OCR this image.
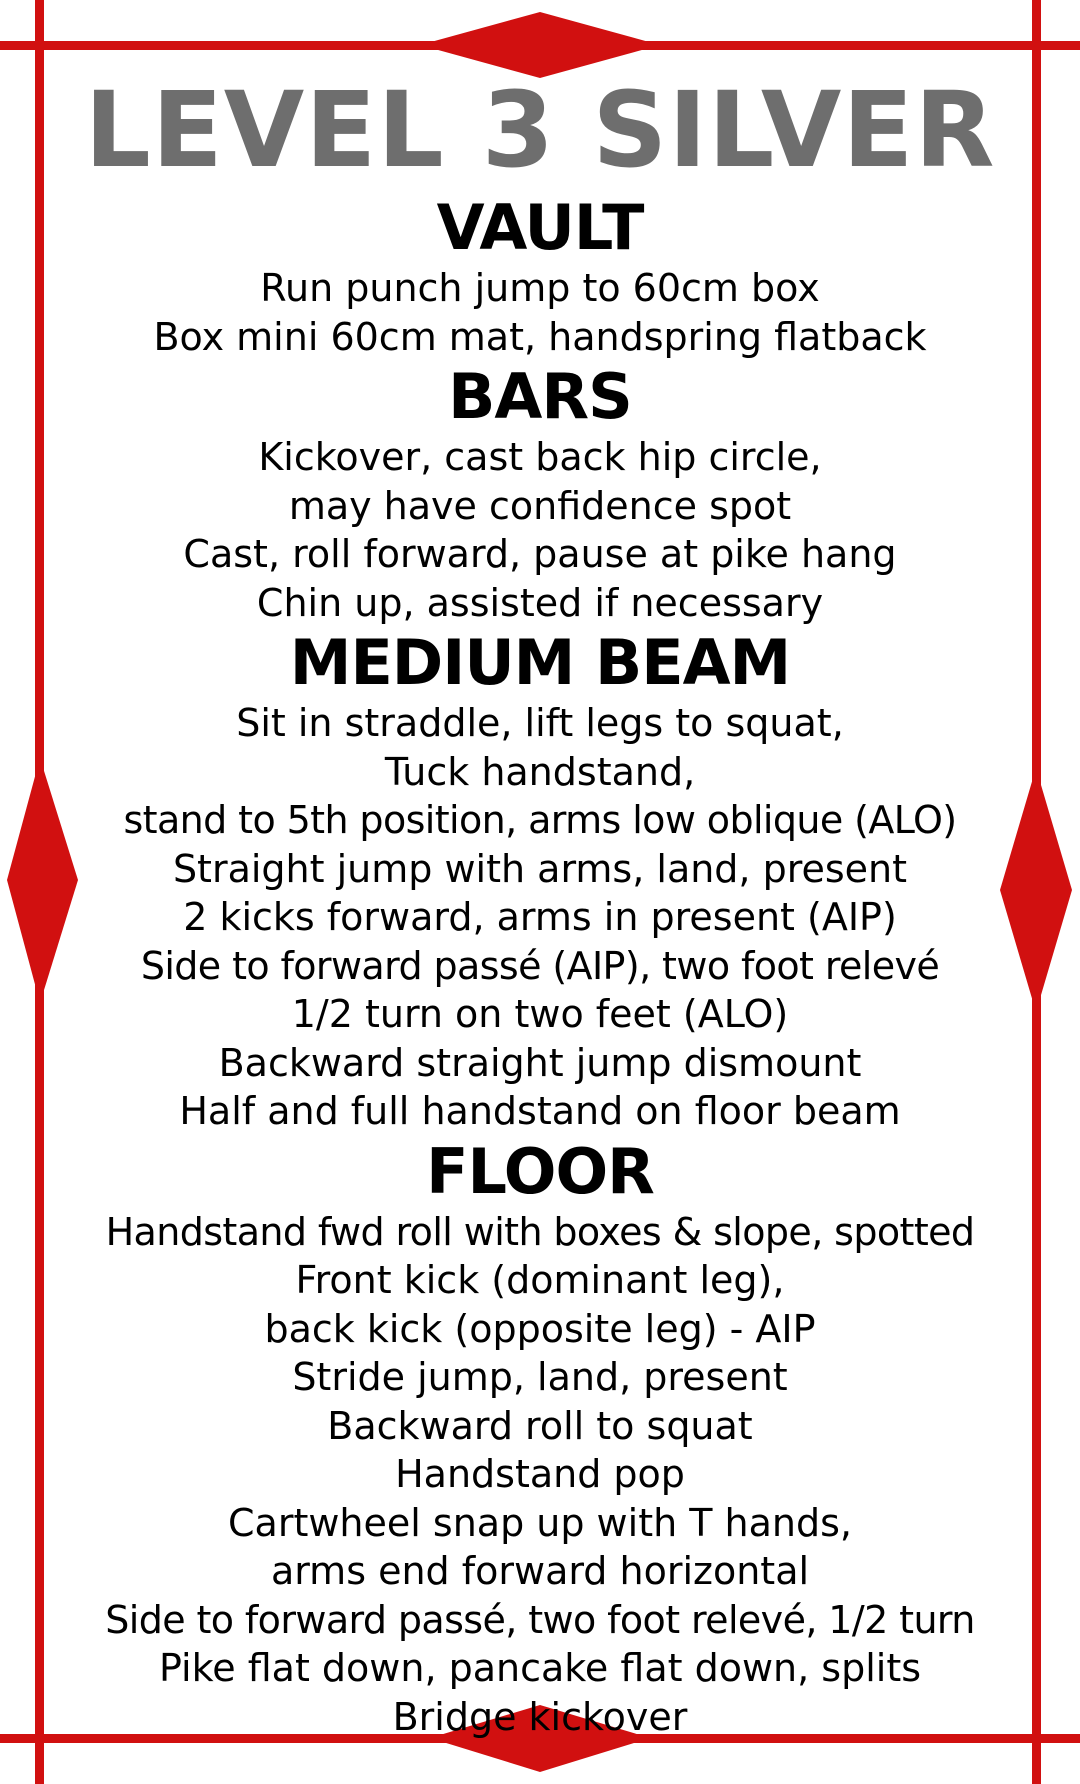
LEVEL 3 SILVER
VAULT

Run punch jump to 60cm box

Box mini 60cm mat, handspring flatback

BARS

Kickover, cast back hip circle,

may have confidence spot

Cast, roll forward, pause at pike hang

Chin up, assisted if necessary

MEDIUM BEAM

Sit in straddle, lift legs to squat,

Tuck handstand,

stand to 5th position, arms low oblique (ALO)

Straight jump with arms, land, present

2 kicks forward, arms in present (AIP)

Side to forward passé (AIP), two foot relevé

1/2 turn on two feet (ALO)

Backward straight jump dismount

Half and full handstand on floor beam

FLOOR

Handstand fwd roll with boxes & slope, spotted

Front kick (dominant leg),

back kick (opposite leg) - AIP

Stride jump, land, present

Backward roll to squat

Handstand pop

Cartwheel snap up with T hands,

arms end forward horizontal

Side to forward passé, two foot relevé, 1/2 turn

Pike flat down, pancake flat down, splits

Bridge kickover
